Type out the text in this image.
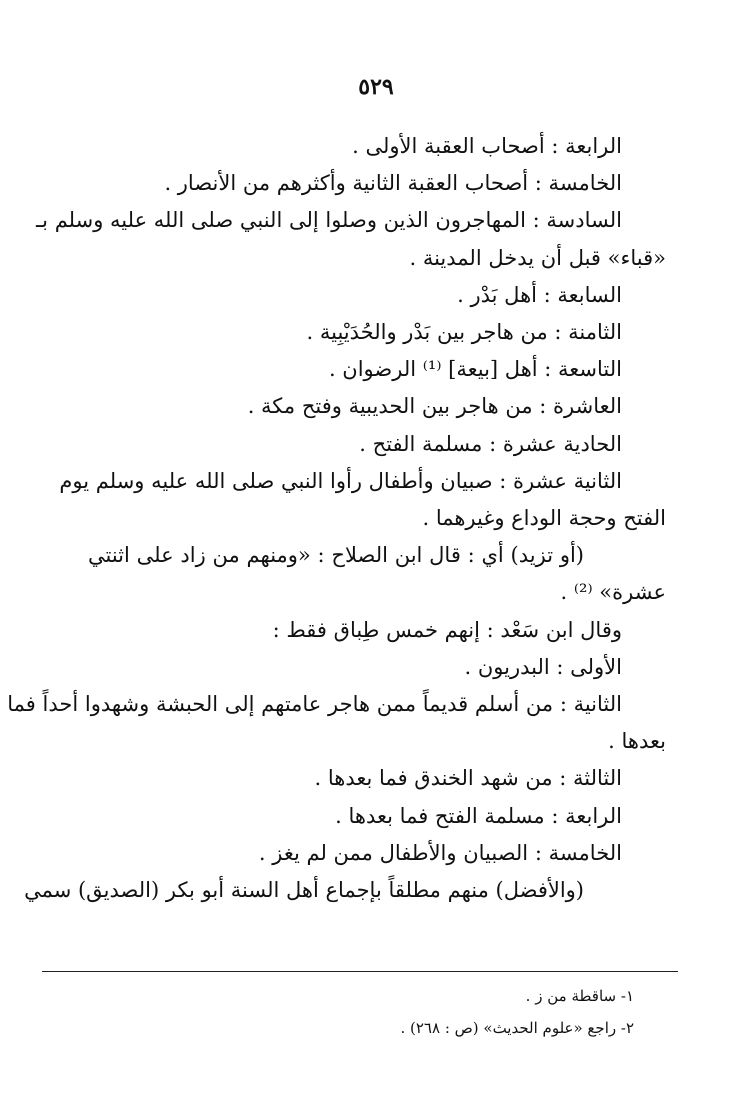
٥٢٩
الرابعة : أصحاب العقبة الأولى .
الخامسة : أصحاب العقبة الثانية وأكثرهم من الأنصار .
السادسة : المهاجرون الذين وصلوا إلى النبي صلى الله عليه وسلم بـ
«قباء» قبل أن يدخل المدينة .
السابعة : أهل بَدْر .
الثامنة : من هاجر بين بَدْر والحُدَيْبِية .
التاسعة : أهل [بيعة] ⁽¹⁾ الرضوان .
العاشرة : من هاجر بين الحديبية وفتح مكة .
الحادية عشرة : مسلمة الفتح .
الثانية عشرة : صبيان وأطفال رأوا النبي صلى الله عليه وسلم يوم
الفتح وحجة الوداع وغيرهما .
(أو تزيد) أي : قال ابن الصلاح : «ومنهم من زاد على اثنتي
عشرة» ⁽²⁾ .
وقال ابن سَعْد : إنهم خمس طِباق فقط :
الأولى : البدريون .
الثانية : من أسلم قديماً ممن هاجر عامتهم إلى الحبشة وشهدوا أحداً فما
بعدها .
الثالثة : من شهد الخندق فما بعدها .
الرابعة : مسلمة الفتح فما بعدها .
الخامسة : الصبيان والأطفال ممن لم يغز .
(والأفضل) منهم مطلقاً بإجماع أهل السنة أبو بكر (الصديق) سمي
١- ساقطة من ز .
٢- راجع «علوم الحديث» (ص : ٢٦٨) .
